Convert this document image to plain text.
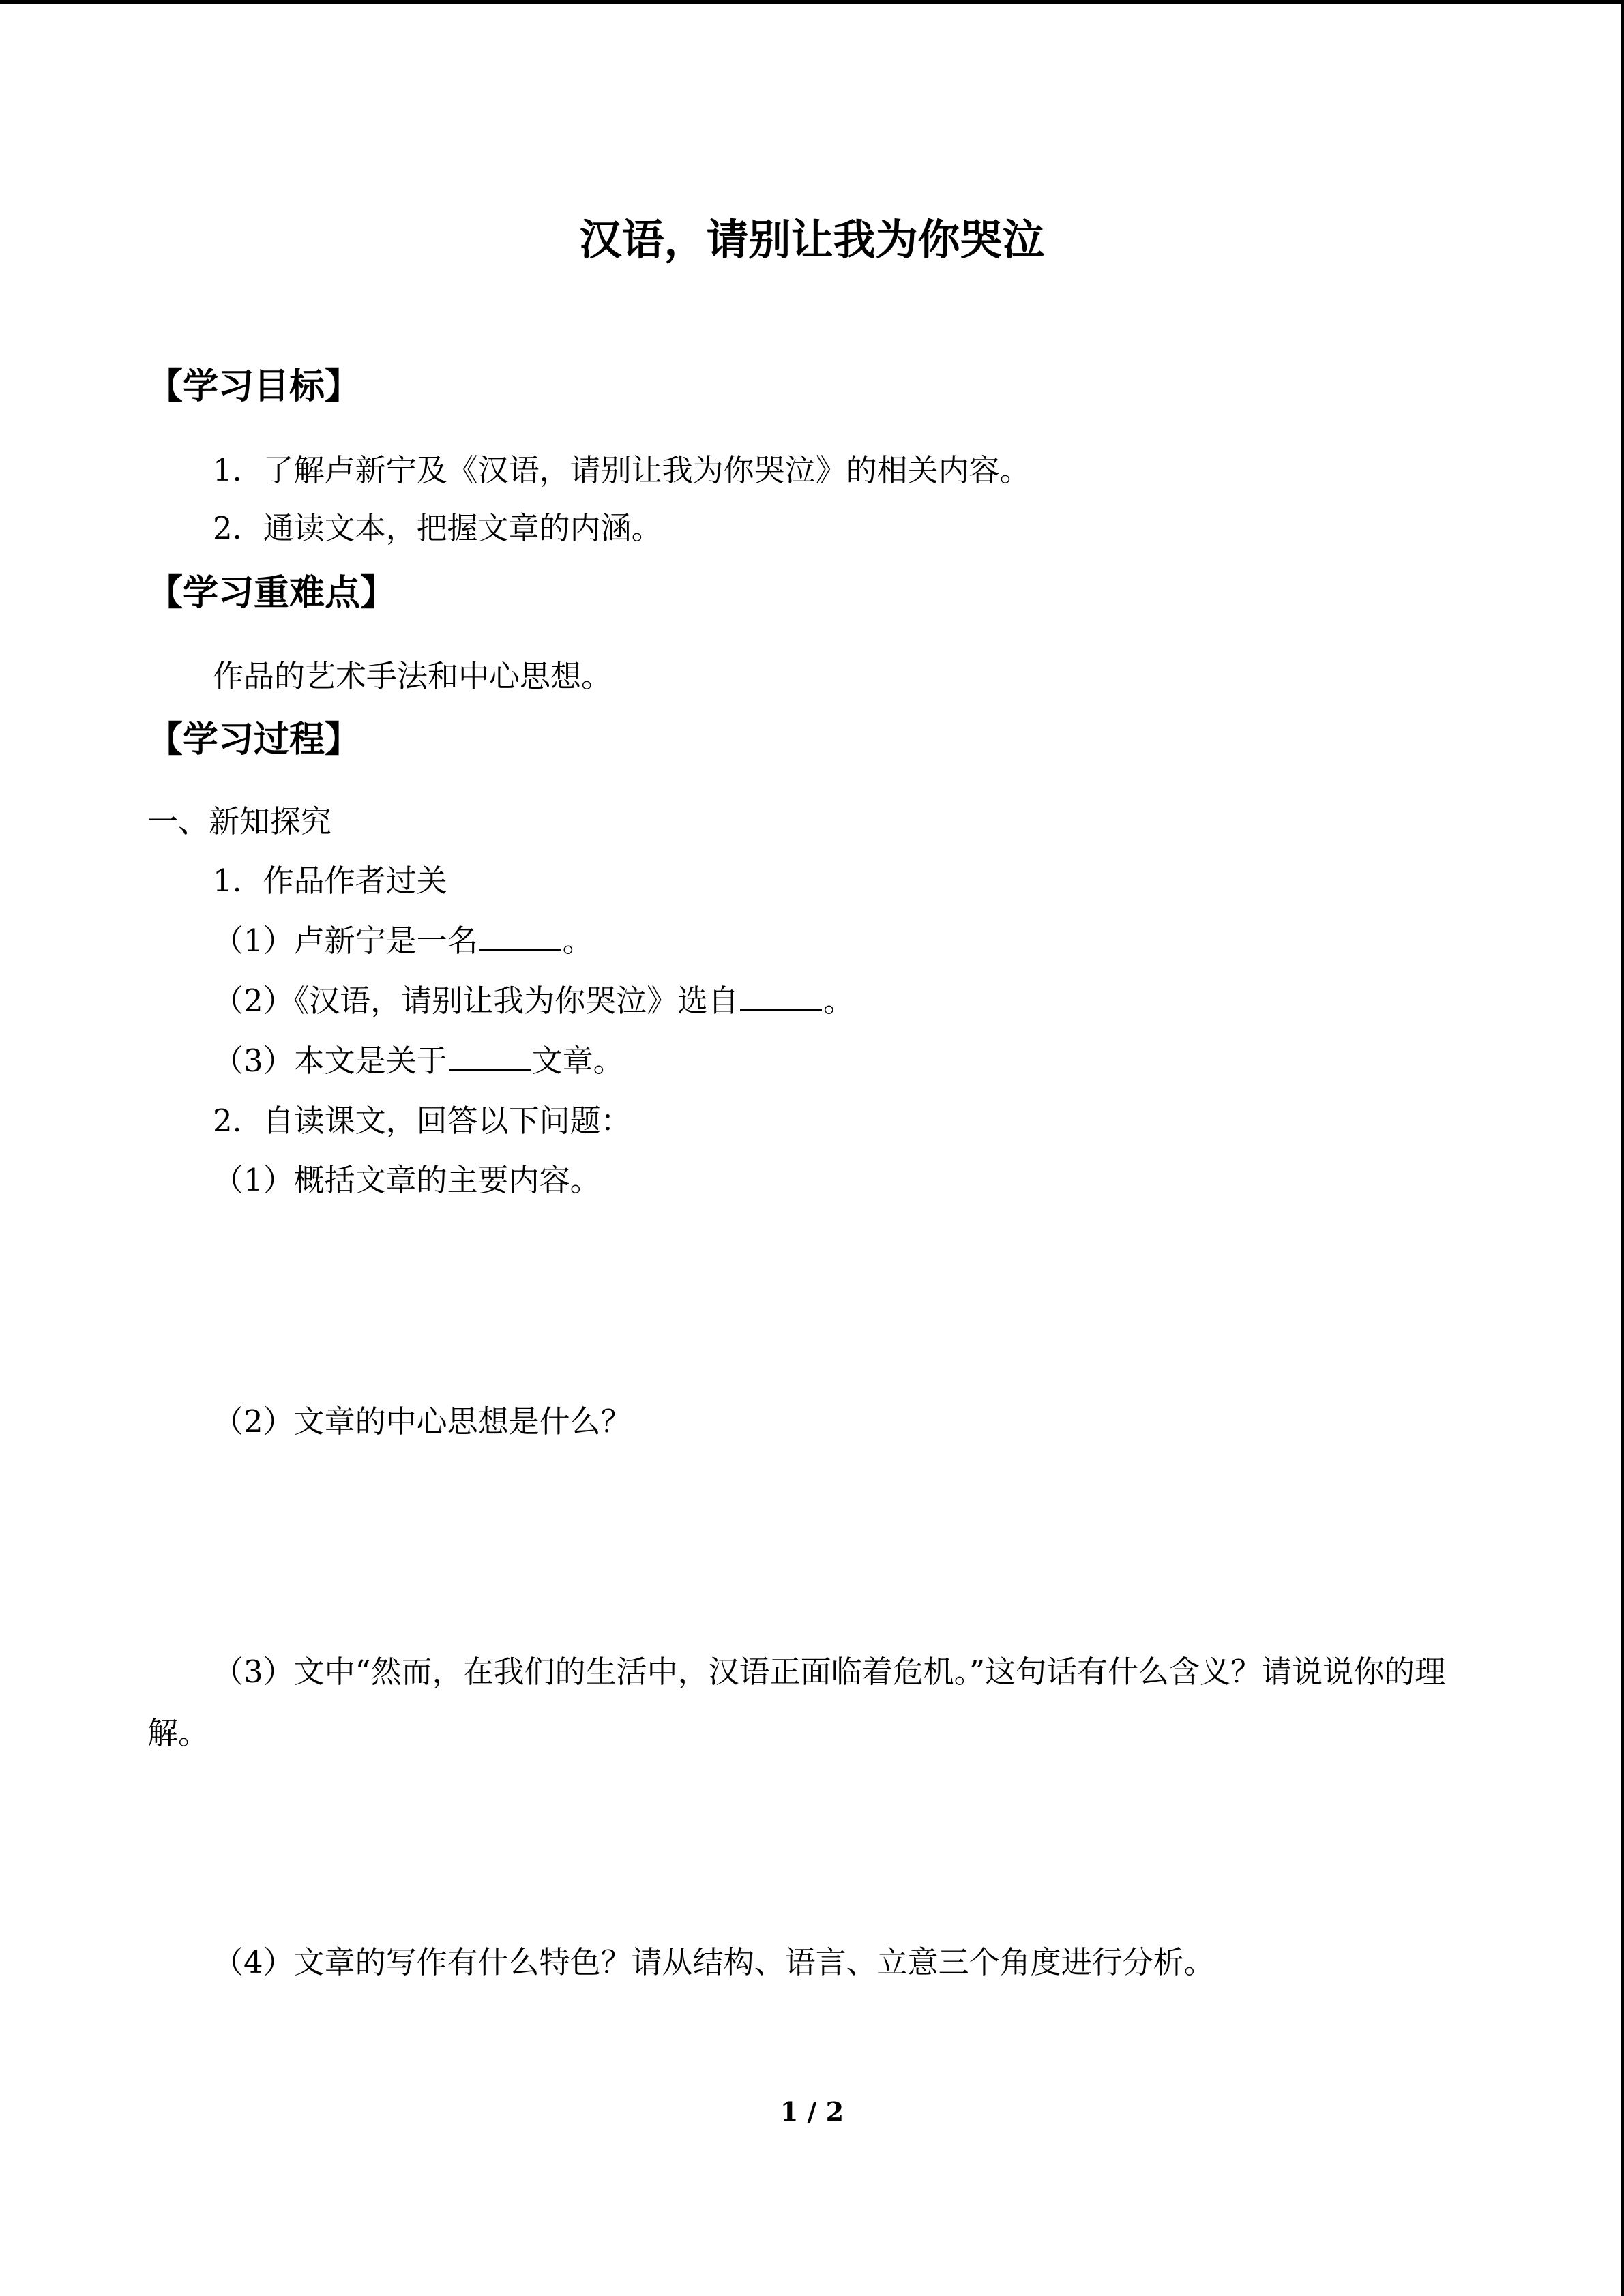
汉语，请别让我为你哭泣
【学习目标】
1．了解卢新宁及《汉语，请别让我为你哭泣》的相关内容。
2．通读文本，把握文章的内涵。
【学习重难点】
作品的艺术手法和中心思想。
【学习过程】
一、新知探究
1．作品作者过关
（1）卢新宁是一名	。
（2）《汉语，请别让我为你哭泣》选自	。
（3）本文是关于	文章。
2．自读课文，回答以下问题：
（1）概括文章的主要内容。
（2）文章的中心思想是什么？
（3）文中“然而，在我们的生活中，汉语正面临着危机。”这句话有什么含义？请说说你的理解。
（4）文章的写作有什么特色？请从结构、语言、立意三个角度进行分析。
1 / 2
